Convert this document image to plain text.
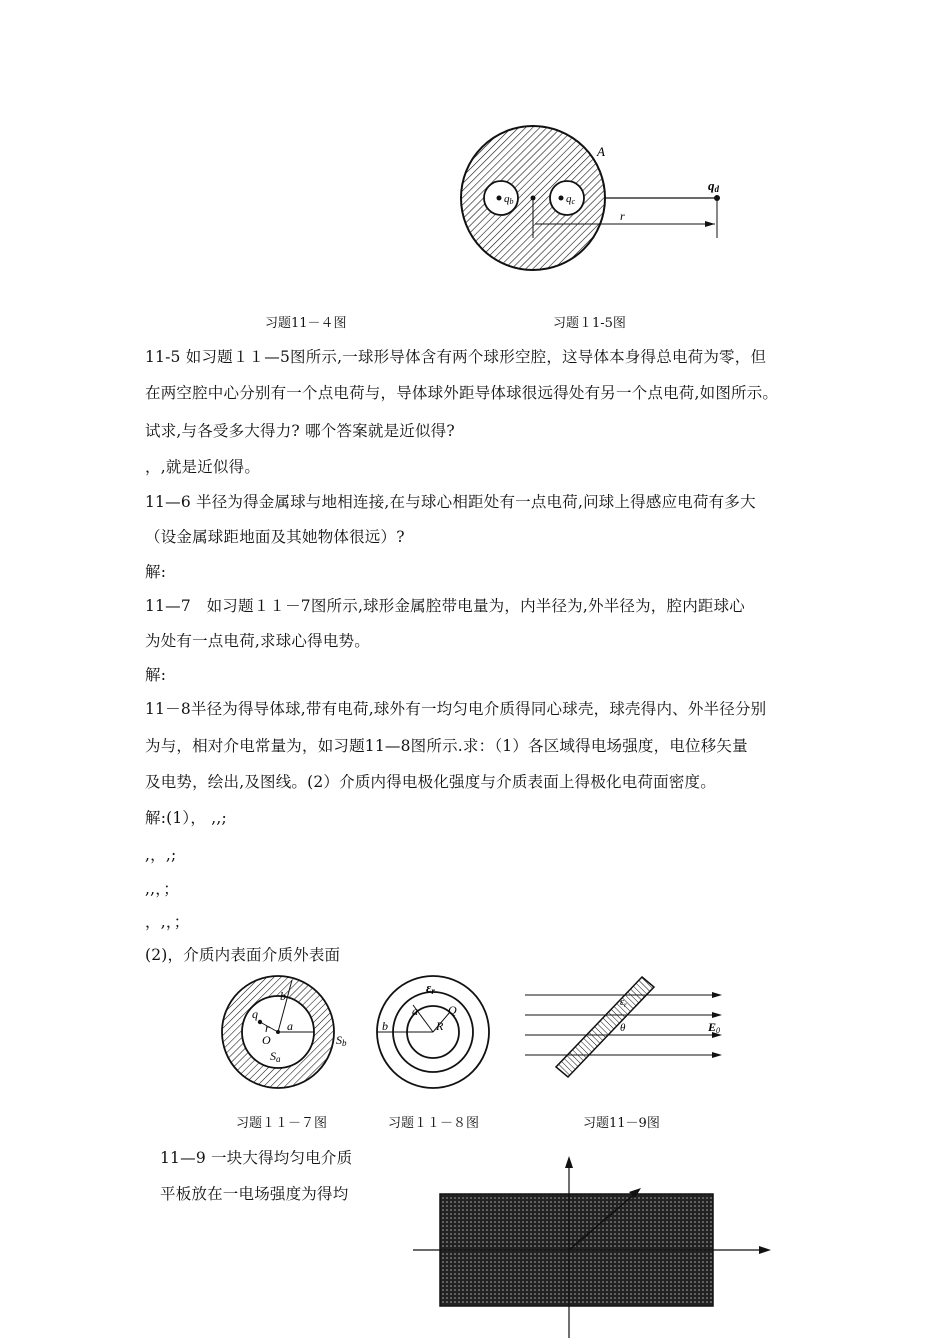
A
qb	qc
qd
r
习题11－４图	习题１1-5图
11-5 如习题１１—5图所示,一球形导体含有两个球形空腔，这导体本身得总电荷为零，但
在两空腔中心分别有一个点电荷与，导体球外距导体球很远得处有另一个点电荷,如图所示。
试求,与各受多大得力? 哪个答案就是近似得?
，,就是近似得。
11—6 半径为得金属球与地相连接,在与球心相距处有一点电荷,问球上得感应电荷有多大
（设金属球距地面及其她物体很远）?
解:
11—7　如习题１１－7图所示,球形金属腔带电量为，内半径为,外半径为，腔内距球心
为处有一点电荷,求球心得电势。
解:
11－8半径为得导体球,带有电荷,球外有一均匀电介质得同心球壳，球壳得内、外半径分别
为与，相对介电常量为，如习题11—8图所示.求：（1）各区域得电场强度，电位移矢量
及电势，绘出,及图线。(2）介质内得电极化强度与介质表面上得极化电荷面密度。
解:(1）， ,,;
,，,;
,,，；
，,，；
(2)，介质内表面介质外表面
b
q
r a
O
Sa
Sb
εr
a	Q
b	R
$\varepsilon_r$
θ	E0
习题１１－７图	习题１１－８图	习题11－9图
11—9 一块大得均匀电介质
平板放在一电场强度为得均
